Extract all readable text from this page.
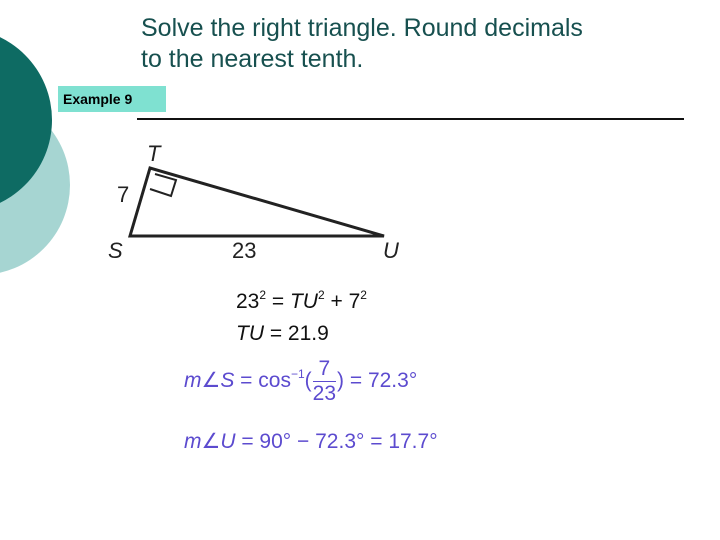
Solve the right triangle. Round decimals
to the nearest tenth.
Example 9
T
S	U
7
23
$23^2 = TU^2 + 7^2$
TU = 21.9
m∠S = $\cos^{-1}( \frac{7}{23}$ ) = 72.3°
m∠U = 90° − 72.3° = 17.7°
